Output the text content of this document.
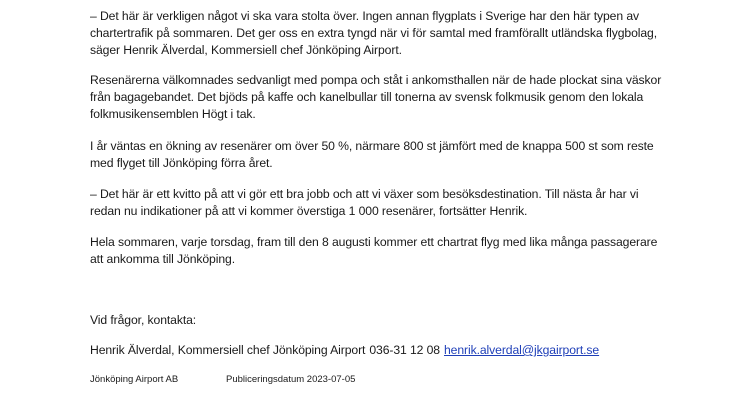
– Det här är verkligen något vi ska vara stolta över. Ingen annan flygplats i Sverige har den här typen av
chartertrafik på sommaren. Det ger oss en extra tyngd när vi för samtal med framförallt utländska flygbolag,
säger Henrik Älverdal, Kommersiell chef Jönköping Airport.

Resenärerna välkomnades sedvanligt med pompa och ståt i ankomsthallen när de hade plockat sina väskor
från bagagebandet. Det bjöds på kaffe och kanelbullar till tonerna av svensk folkmusik genom den lokala
folkmusikensemblen Högt i tak.

I år väntas en ökning av resenärer om över 50 %, närmare 800 st jämfört med de knappa 500 st som reste
med flyget till Jönköping förra året.

– Det här är ett kvitto på att vi gör ett bra jobb och att vi växer som besöksdestination. Till nästa år har vi
redan nu indikationer på att vi kommer överstiga 1 000 resenärer, fortsätter Henrik.

Hela sommaren, varje torsdag, fram till den 8 augusti kommer ett chartrat flyg med lika många passagerare
att ankomma till Jönköping.

Vid frågor, kontakta:

Henrik Älverdal, Kommersiell chef Jönköping Airport 036-31 12 08 henrik.alverdal@jkgairport.se

Jönköping Airport AB	Publiceringsdatum 2023-07-05
